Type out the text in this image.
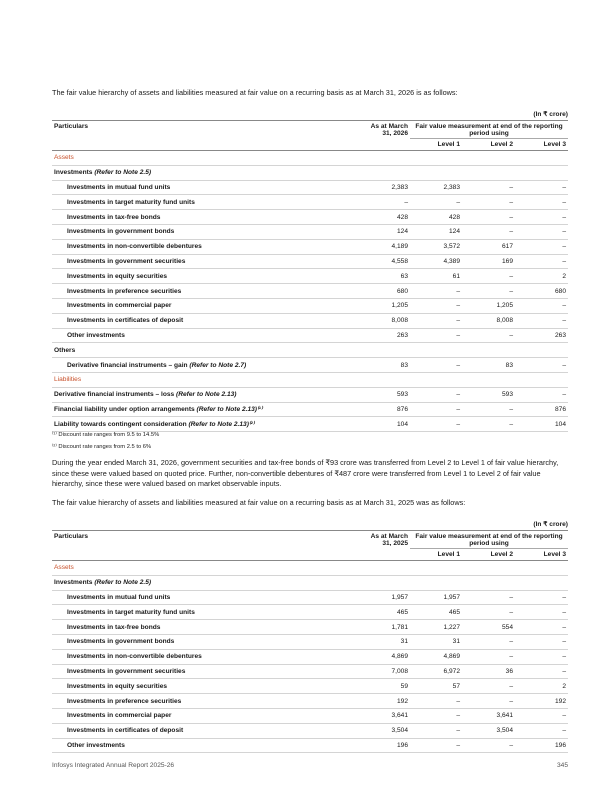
The fair value hierarchy of assets and liabilities measured at fair value on a recurring basis as at March 31, 2026 is as follows:
(In ₹ crore)
Particulars	As at March 31, 2026	Fair value measurement at end of the reporting period using		
		Level 1	Level 2	Level 3
Assets				
Investments (Refer to Note 2.5)				
Investments in mutual fund units	2,383	2,383	–	–
Investments in target maturity fund units	–	–	–	–
Investments in tax-free bonds	428	428	–	–
Investments in government bonds	124	124	–	–
Investments in non-convertible debentures	4,189	3,572	617	–
Investments in government securities	4,558	4,389	169	–
Investments in equity securities	63	61	–	2
Investments in preference securities	680	–	–	680
Investments in commercial paper	1,205	–	1,205	–
Investments in certificates of deposit	8,008	–	8,008	–
Other investments	263	–	–	263
Others				
Derivative financial instruments – gain (Refer to Note 2.7)	83	–	83	–
Liabilities				
Derivative financial instruments – loss (Refer to Note 2.13)	593	–	593	–
Financial liability under option arrangements (Refer to Note 2.13)⁽¹⁾	876	–	–	876
Liability towards contingent consideration (Refer to Note 2.13)⁽²⁾	104	–	–	104
⁽¹⁾ Discount rate ranges from 9.5 to 14.5%
⁽²⁾ Discount rate ranges from 2.5 to 6%
During the year ended March 31, 2026, government securities and tax-free bonds of ₹93 crore was transferred from Level 2 to Level 1 of fair value hierarchy, since these were valued based on quoted price. Further, non-convertible debentures of ₹487 crore were transferred from Level 1 to Level 2 of fair value hierarchy, since these were valued based on market observable inputs.
The fair value hierarchy of assets and liabilities measured at fair value on a recurring basis as at March 31, 2025 was as follows:
(In ₹ crore)
Particulars	As at March 31, 2025	Fair value measurement at end of the reporting period using		
		Level 1	Level 2	Level 3
Assets				
Investments (Refer to Note 2.5)				
Investments in mutual fund units	1,957	1,957	–	–
Investments in target maturity fund units	465	465	–	–
Investments in tax-free bonds	1,781	1,227	554	–
Investments in government bonds	31	31	–	–
Investments in non-convertible debentures	4,869	4,869	–	–
Investments in government securities	7,008	6,972	36	–
Investments in equity securities	59	57	–	2
Investments in preference securities	192	–	–	192
Investments in commercial paper	3,641	–	3,641	–
Investments in certificates of deposit	3,504	–	3,504	–
Other investments	196	–	–	196
Infosys Integrated Annual Report 2025-26	345
